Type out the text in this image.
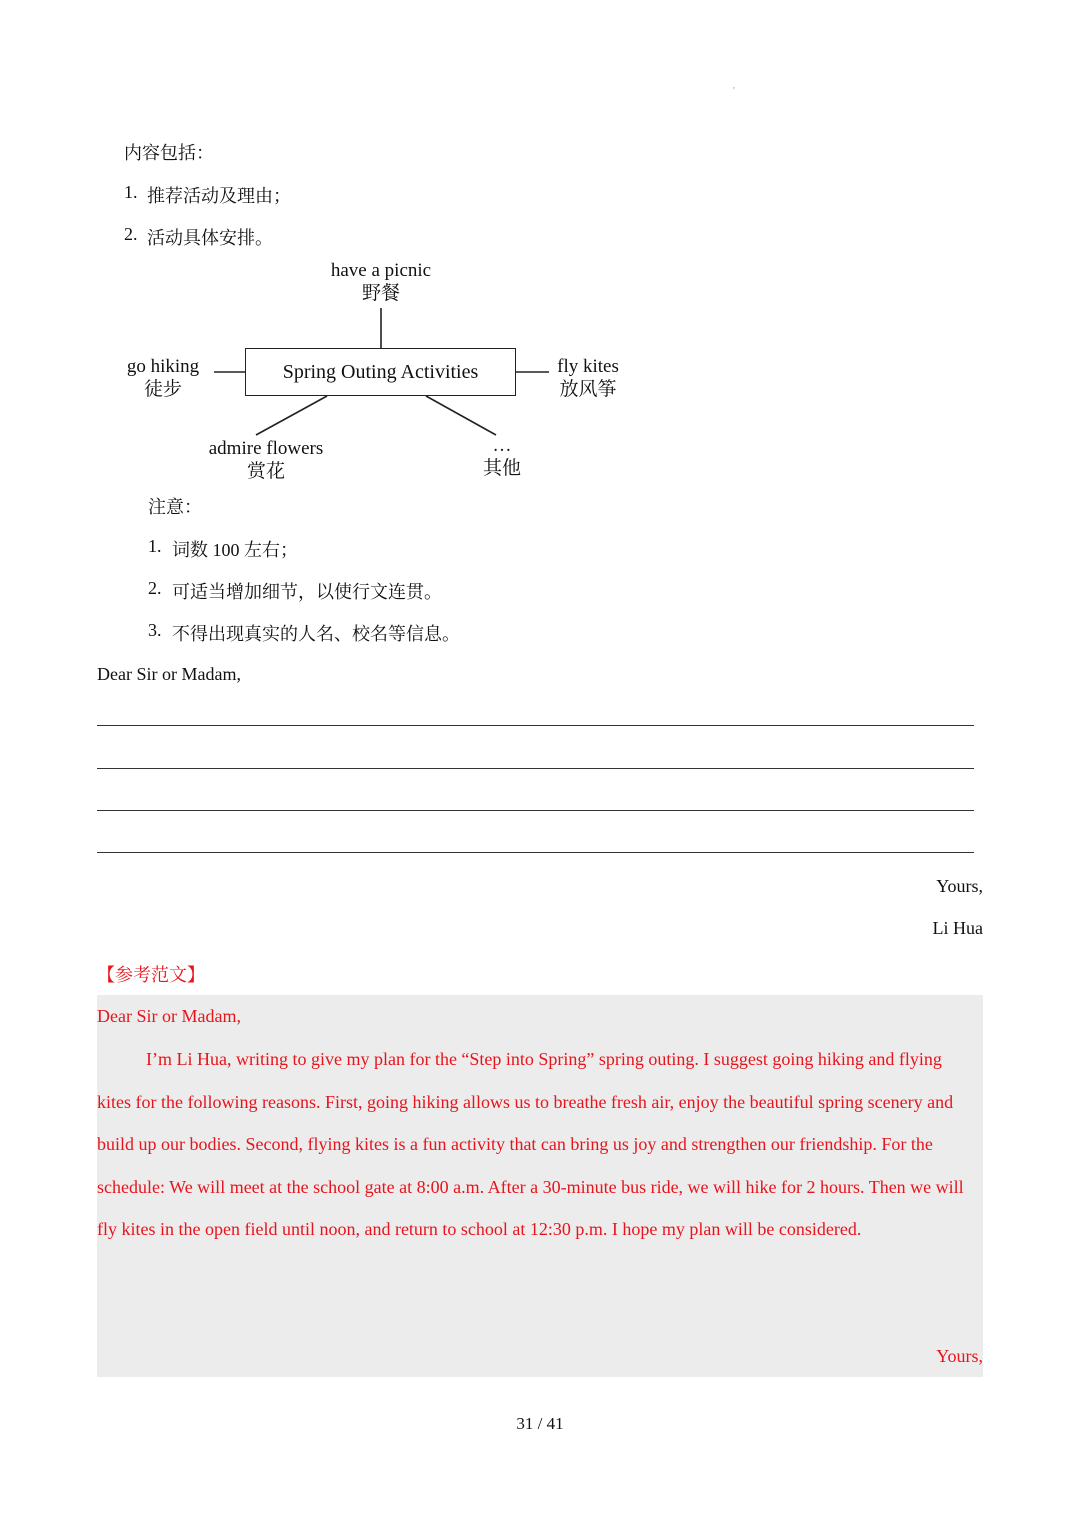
'
内容包括：
1. 推荐活动及理由；
2. 活动具体安排。
Spring Outing Activities
have a picnic
野餐
go hiking
徒步
fly kites
放风筝
admire flowers
赏花
…
其他
注意：
1. 词数 100 左右；
2. 可适当增加细节，以使行文连贯。
3. 不得出现真实的人名、校名等信息。
Dear Sir or Madam,
Yours,
Li Hua
【参考范文】
Dear Sir or Madam,
I’m Li Hua, writing to give my plan for the “Step into Spring” spring outing. I suggest going hiking and flying kites for the following reasons. First, going hiking allows us to breathe fresh air, enjoy the beautiful spring scenery and build up our bodies. Second, flying kites is a fun activity that can bring us joy and strengthen our friendship. For the schedule: We will meet at the school gate at 8:00 a.m. After a 30-minute bus ride, we will hike for 2 hours. Then we will fly kites in the open field until noon, and return to school at 12:30 p.m. I hope my plan will be considered.
Yours,
31 / 41
